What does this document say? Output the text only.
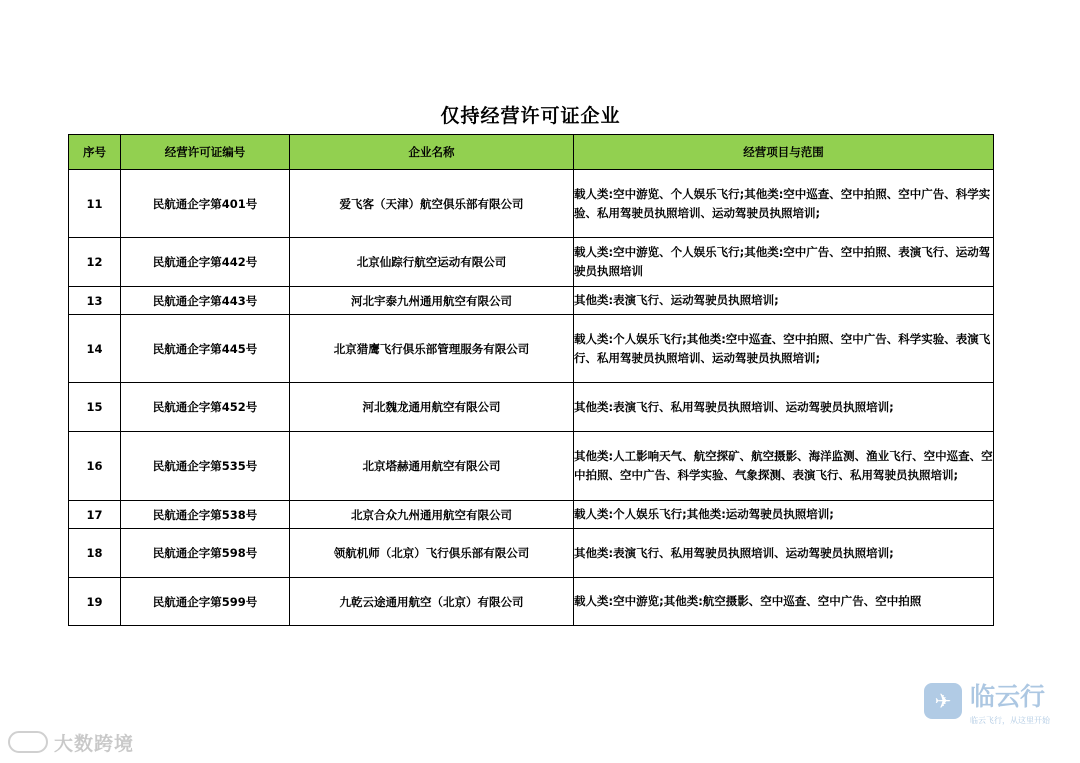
仅持经营许可证企业
序号	经营许可证编号	企业名称	经营项目与范围
11	民航通企字第401号	爱飞客（天津）航空俱乐部有限公司	载人类:空中游览、个人娱乐飞行;其他类:空中巡查、空中拍照、空中广告、科学实验、私用驾驶员执照培训、运动驾驶员执照培训;
12	民航通企字第442号	北京仙踪行航空运动有限公司	载人类:空中游览、个人娱乐飞行;其他类:空中广告、空中拍照、表演飞行、运动驾驶员执照培训
13	民航通企字第443号	河北宇泰九州通用航空有限公司	其他类:表演飞行、运动驾驶员执照培训;
14	民航通企字第445号	北京猎鹰飞行俱乐部管理服务有限公司	载人类:个人娱乐飞行;其他类:空中巡查、空中拍照、空中广告、科学实验、表演飞行、私用驾驶员执照培训、运动驾驶员执照培训;
15	民航通企字第452号	河北魏龙通用航空有限公司	其他类:表演飞行、私用驾驶员执照培训、运动驾驶员执照培训;
16	民航通企字第535号	北京塔赫通用航空有限公司	其他类:人工影响天气、航空探矿、航空摄影、海洋监测、渔业飞行、空中巡查、空中拍照、空中广告、科学实验、气象探测、表演飞行、私用驾驶员执照培训;
17	民航通企字第538号	北京合众九州通用航空有限公司	载人类:个人娱乐飞行;其他类:运动驾驶员执照培训;
18	民航通企字第598号	领航机师（北京）飞行俱乐部有限公司	其他类:表演飞行、私用驾驶员执照培训、运动驾驶员执照培训;
19	民航通企字第599号	九乾云途通用航空（北京）有限公司	载人类:空中游览;其他类:航空摄影、空中巡查、空中广告、空中拍照
大数跨境
✈ 临云行
临云飞行，从这里开始
